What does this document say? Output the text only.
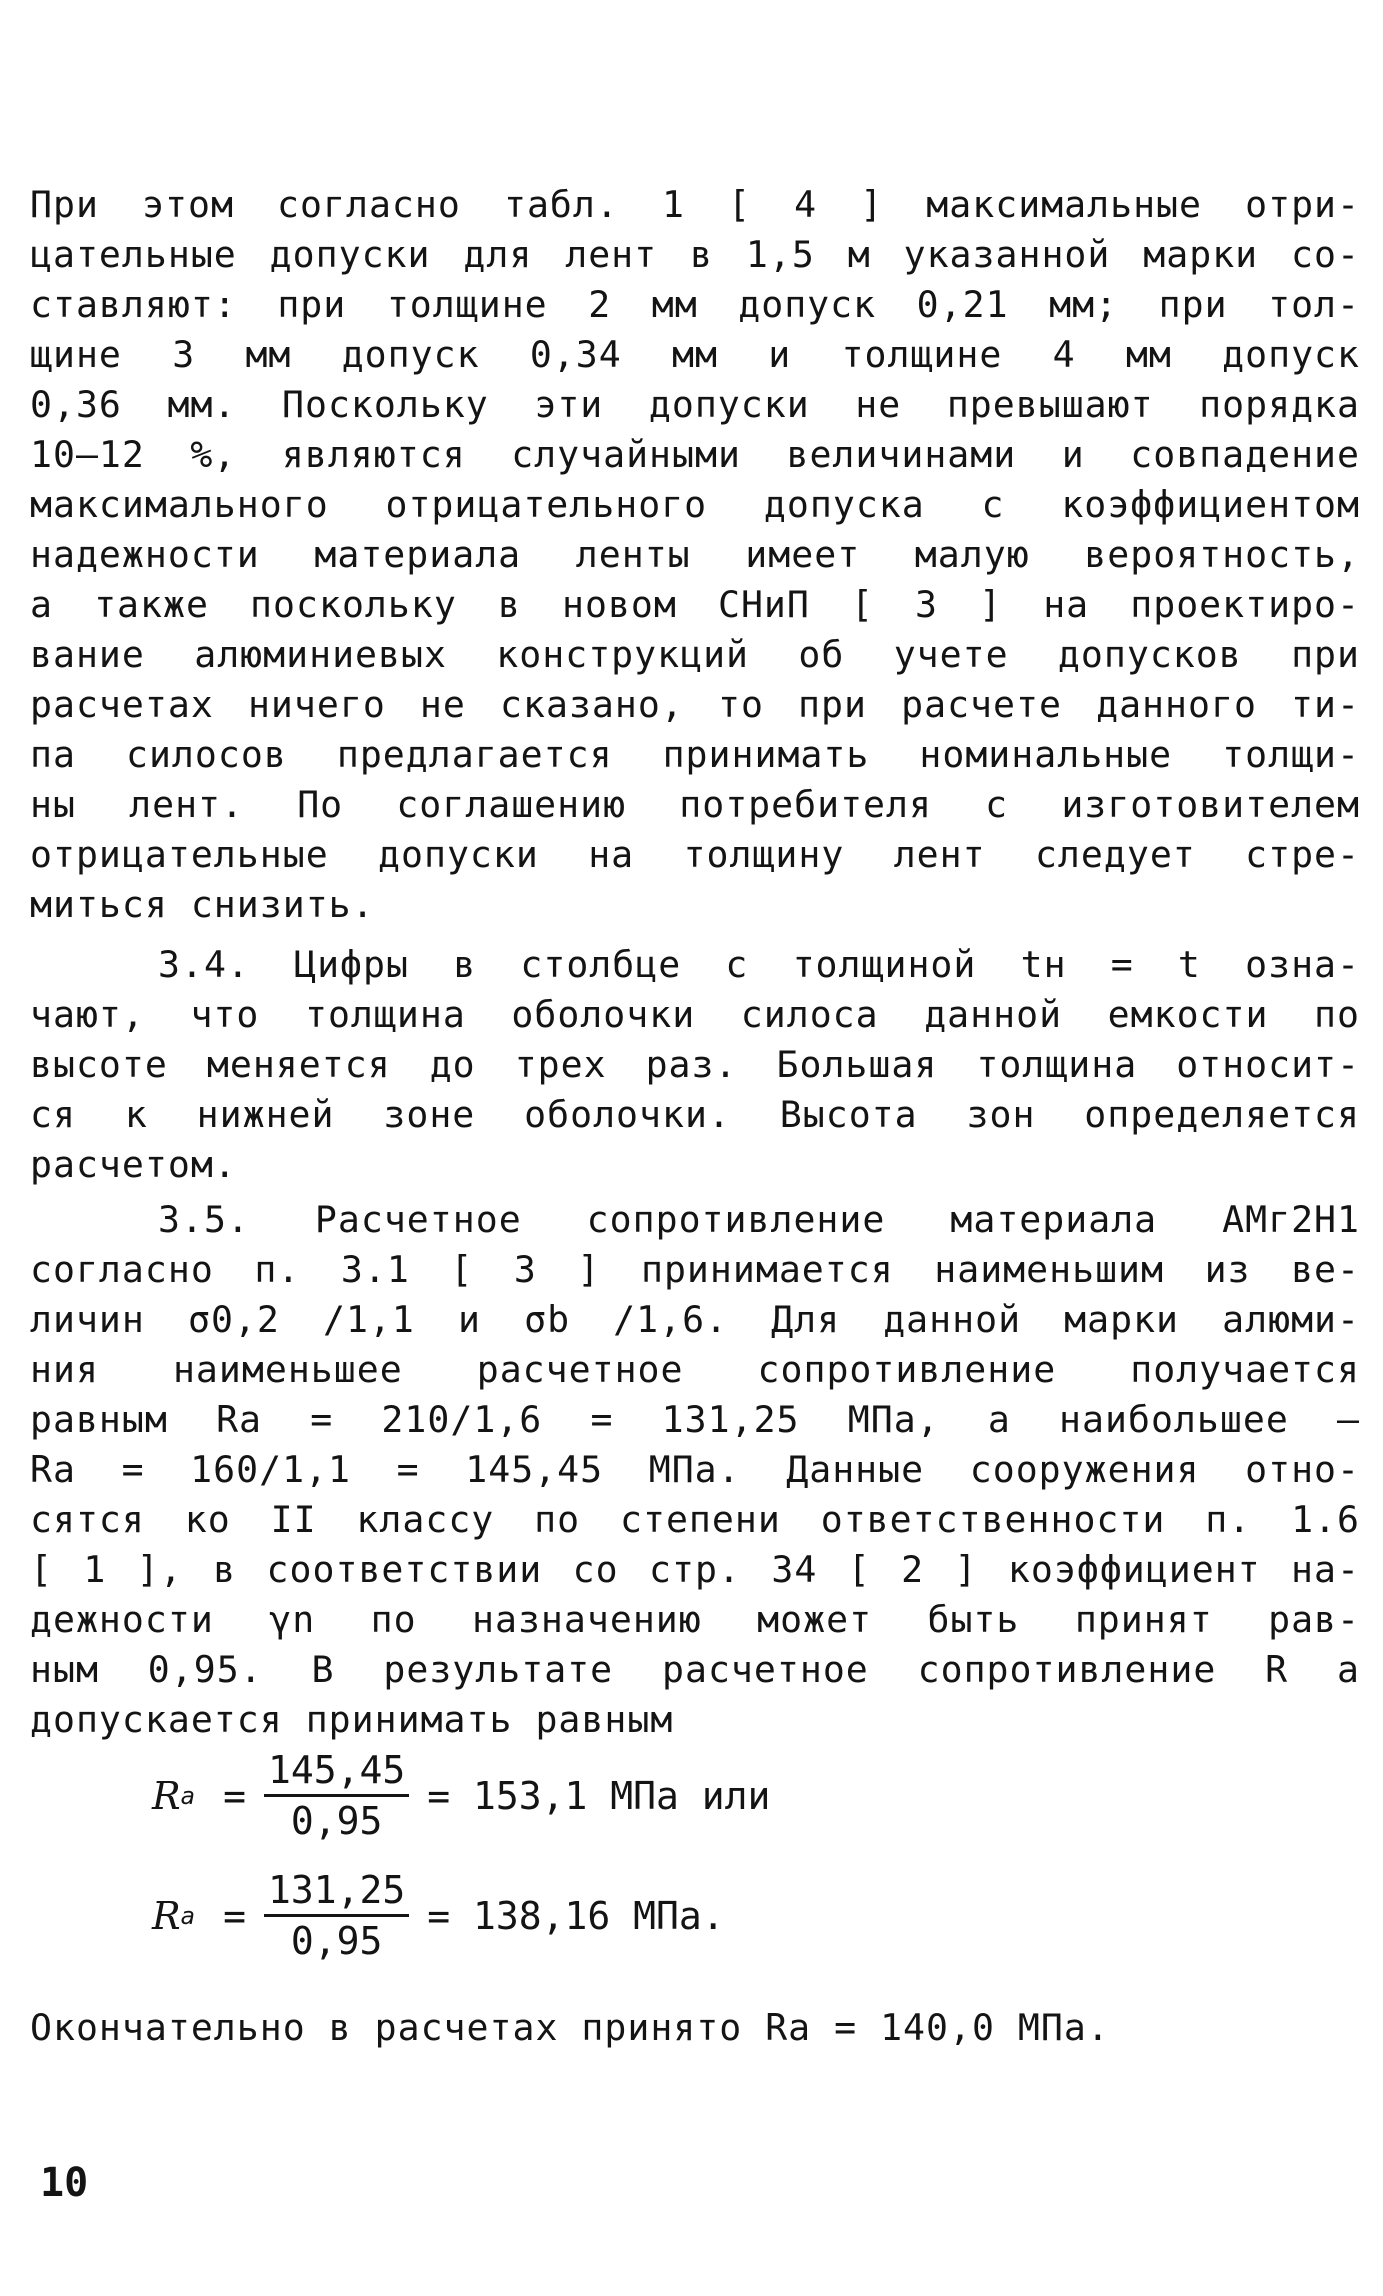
При этом согласно табл. 1 [ 4 ] максимальные отри-
цательные допуски для лент в 1,5 м указанной марки со-
ставляют: при толщине 2 мм допуск 0,21 мм; при тол-
щине 3 мм допуск 0,34 мм и толщине 4 мм допуск
0,36 мм. Поскольку эти допуски не превышают порядка
10–12 %, являются случайными величинами и совпадение
максимального отрицательного допуска с коэффициентом
надежности материала ленты имеет малую вероятность,
а также поскольку в новом СНиП [ 3 ] на проектиро-
вание алюминиевых конструкций об учете допусков при
расчетах ничего не сказано, то при расчете данного ти-
па силосов предлагается принимать номинальные толщи-
ны лент. По соглашению потребителя с изготовителем
отрицательные допуски на толщину лент следует стре-
миться снизить.
3.4. Цифры в столбце с толщиной tн = t озна-
чают, что толщина оболочки силоса данной емкости по
высоте меняется до трех раз. Большая толщина относит-
ся к нижней зоне оболочки. Высота зон определяется
расчетом.
3.5. Расчетное сопротивление материала АМг2Н1
согласно п. 3.1 [ 3 ] принимается наименьшим из ве-
личин σ0,2 /1,1 и σb /1,6. Для данной марки алюми-
ния наименьшее расчетное сопротивление получается
равным Ra = 210/1,6 = 131,25 МПа, а наибольшее –
Ra = 160/1,1 = 145,45 МПа. Данные сооружения отно-
сятся ко II классу по степени ответственности п. 1.6
[ 1 ], в соответствии со стр. 34 [ 2 ] коэффициент на-
дежности γn по назначению может быть принят рав-
ным 0,95. В результате расчетное сопротивление R a
допускается принимать равным
R $a = \frac{145,45}{0,95} = 153,1$ МПа или
R $a = \frac{131,25}{0,95} = 138,16$ МПа.
Окончательно в расчетах принято Ra = 140,0 МПа.
10
